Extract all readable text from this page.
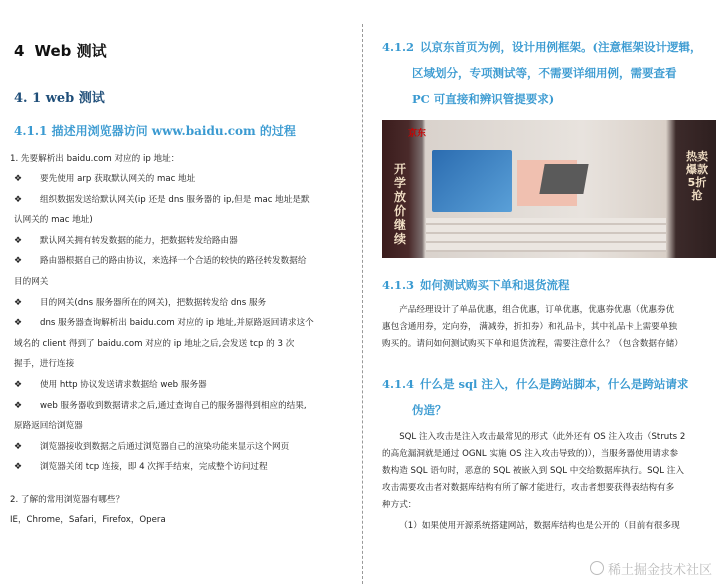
4 Web 测试
4. 1 web 测试
4.1.1 描述用浏览器访问 www.baidu.com 的过程

1. 先要解析出 baidu.com 对应的 ip 地址：

❖ 要先使用 arp 获取默认网关的 mac 地址
❖ 组织数据发送给默认网关(ip 还是 dns 服务器的 ip,但是 mac 地址是默
认网关的 mac 地址)
❖ 默认网关拥有转发数据的能力，把数据转发给路由器
❖ 路由器根据自己的路由协议，来选择一个合适的较快的路径转发数据给
目的网关
❖ 目的网关(dns 服务器所在的网关)，把数据转发给 dns 服务
❖ dns 服务器查询解析出 baidu.com 对应的 ip 地址,并原路返回请求这个
域名的 client 得到了 baidu.com 对应的 ip 地址之后,会发送 tcp 的 3 次
握手，进行连接
❖ 使用 http 协议发送请求数据给 web 服务器
❖ web 服务器收到数据请求之后,通过查询自己的服务器得到相应的结果,
原路返回给浏览器
❖ 浏览器接收到数据之后通过浏览器自己的渲染功能来显示这个网页
❖ 浏览器关闭 tcp 连接，即 4 次挥手结束，完成整个访问过程

2. 了解的常用浏览器有哪些？

IE，Chrome，Safari，Firefox，Opera

4.1.2 以京东首页为例，设计用例框架。(注意框架设计逻辑，
区域划分，专项测试等，不需要详细用例，需要查看
PC 可直接和辨识管提要求)
京东
开学放价继续
热卖爆款5折抢
4.1.3 如何测试购买下单和退货流程

产品经理设计了单品优惠，组合优惠，订单优惠，优惠券优惠（优惠券优

惠包含通用券，定向券， 满减券，折扣券）和礼品卡，其中礼品卡上需要单独

购买的。请问如何测试购买下单和退货流程，需要注意什么？（包含数据存储）

4.1.4 什么是 sql 注入，什么是跨站脚本，什么是跨站请求
伪造？

SQL 注入攻击是注入攻击最常见的形式（此外还有 OS 注入攻击（Struts 2

的高危漏洞就是通过 OGNL 实施 OS 注入攻击导致的)），当服务器使用请求参

数构造 SQL 语句时，恶意的 SQL 被嵌入到 SQL 中交给数据库执行。SQL 注入

攻击需要攻击者对数据库结构有所了解才能进行，攻击者想要获得表结构有多

种方式：

（1）如果使用开源系统搭建网站，数据库结构也是公开的（目前有很多现

稀土掘金技术社区
